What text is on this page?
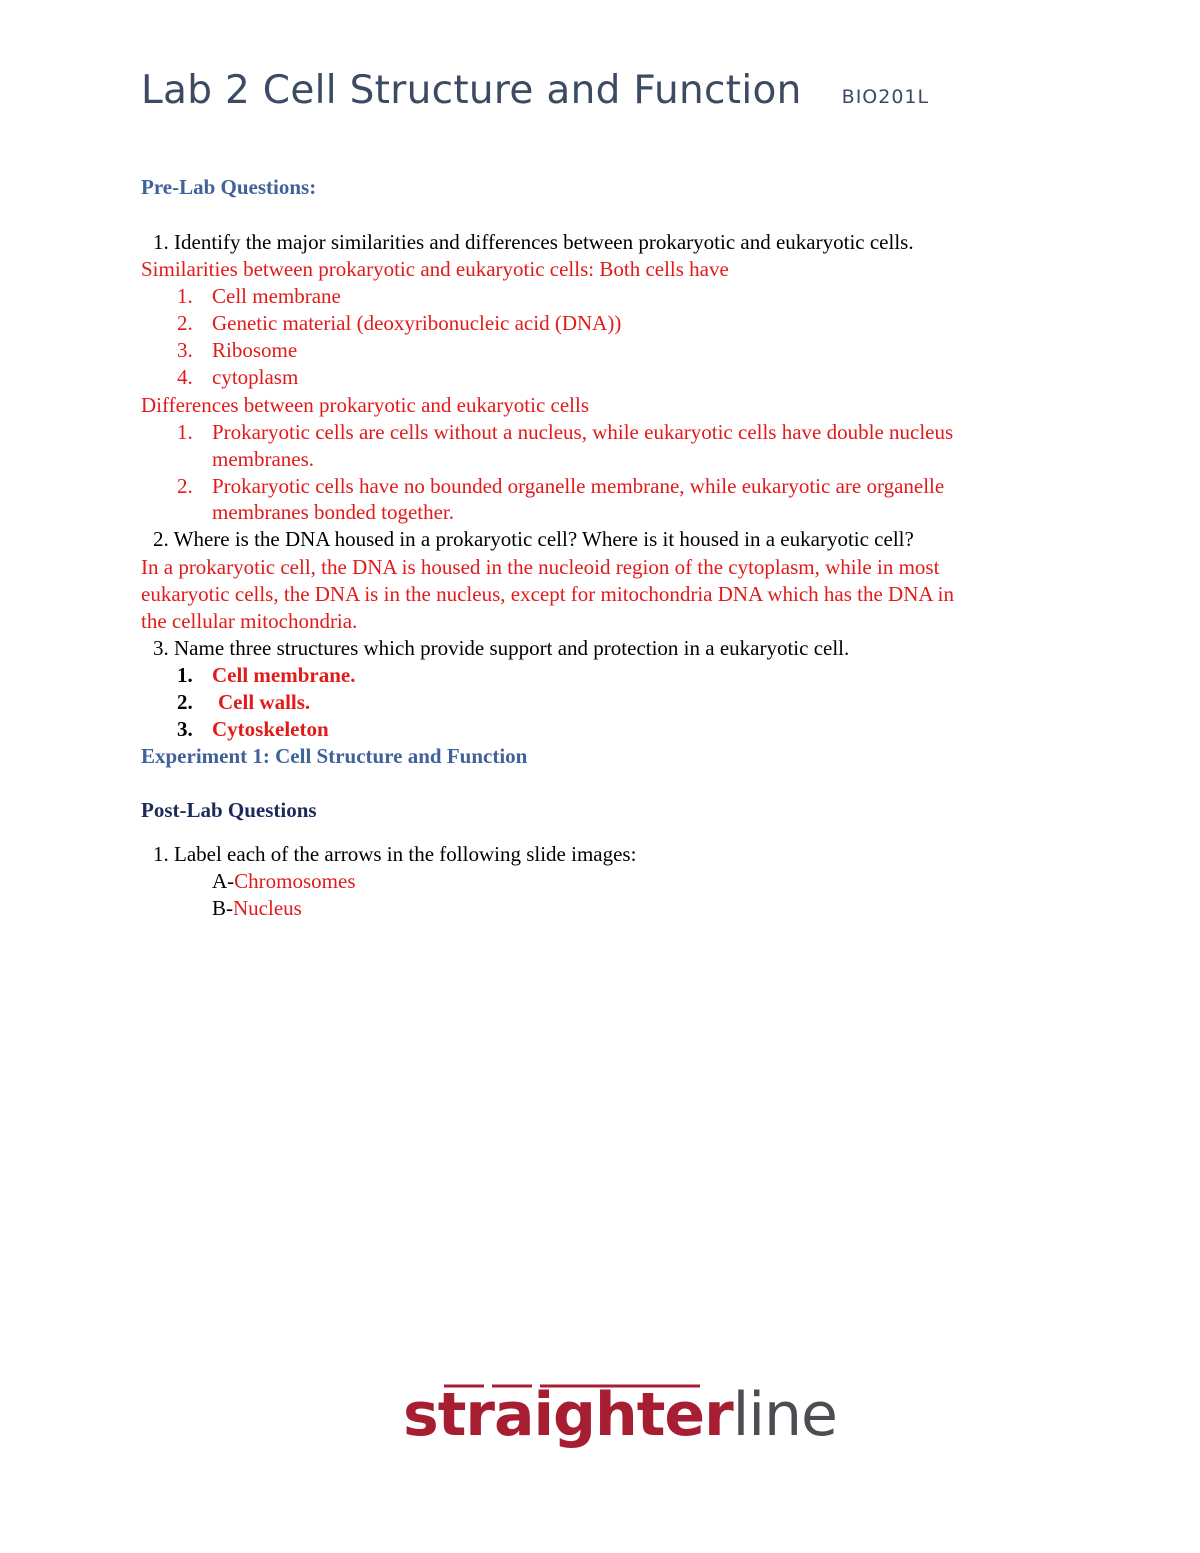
Lab 2 Cell Structure and Function BIO201L
Pre-Lab Questions:
1. Identify the major similarities and differences between prokaryotic and eukaryotic cells.
Similarities between prokaryotic and eukaryotic cells: Both cells have
1. Cell membrane
2. Genetic material (deoxyribonucleic acid (DNA))
3. Ribosome
4. cytoplasm
Differences between prokaryotic and eukaryotic cells
1. Prokaryotic cells are cells without a nucleus, while eukaryotic cells have double nucleus
membranes.
2. Prokaryotic cells have no bounded organelle membrane, while eukaryotic are organelle
membranes bonded together.
2. Where is the DNA housed in a prokaryotic cell? Where is it housed in a eukaryotic cell?
In a prokaryotic cell, the DNA is housed in the nucleoid region of the cytoplasm, while in most
eukaryotic cells, the DNA is in the nucleus, except for mitochondria DNA which has the DNA in
the cellular mitochondria.
3. Name three structures which provide support and protection in a eukaryotic cell.
1. Cell membrane.
2. Cell walls.
3. Cytoskeleton
Experiment 1: Cell Structure and Function
Post-Lab Questions
1. Label each of the arrows in the following slide images:
A-Chromosomes
B-Nucleus
straighterline
